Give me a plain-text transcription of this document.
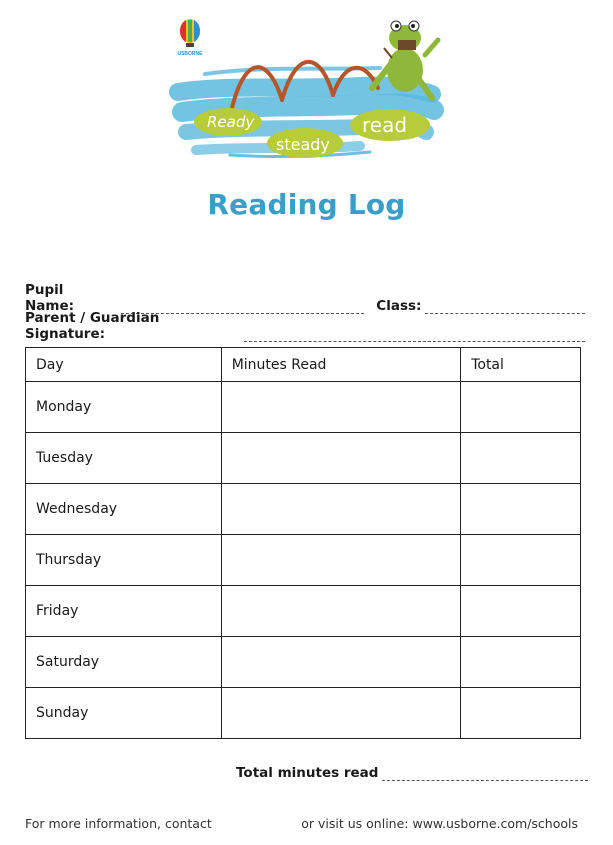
USBORNE
Ready
steady
read
Reading Log
Pupil Name:	Class:
Parent / Guardian Signature:
Day	Minutes Read	Total
Monday		
Tuesday		
Wednesday		
Thursday		
Friday		
Saturday		
Sunday		
Total minutes read
For more information, contact	or visit us online: www.usborne.com/schools
